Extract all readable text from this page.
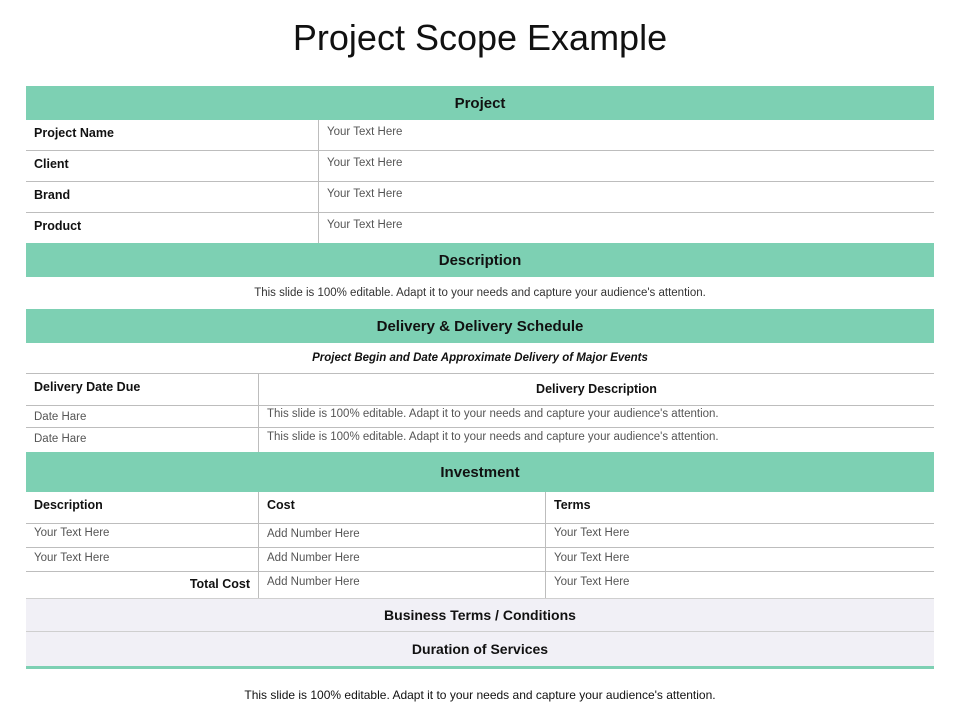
Project Scope Example
Project
Project Name	Your Text Here
Client	Your Text Here
Brand	Your Text Here
Product	Your Text Here
Description
This slide is 100% editable. Adapt it to your needs and capture your audience's attention.
Delivery & Delivery Schedule
Project Begin and Date Approximate Delivery of Major Events
Delivery Date Due	Delivery Description
Date Hare	This slide is 100% editable. Adapt it to your needs and capture your audience's attention.
Date Hare	This slide is 100% editable. Adapt it to your needs and capture your audience's attention.
Investment
Description	Cost	Terms
Your Text Here	Add Number Here	Your Text Here
Your Text Here	Add Number Here	Your Text Here
Total Cost	Add Number Here	Your Text Here
Business Terms / Conditions
Duration of Services
This slide is 100% editable. Adapt it to your needs and capture your audience's attention.
